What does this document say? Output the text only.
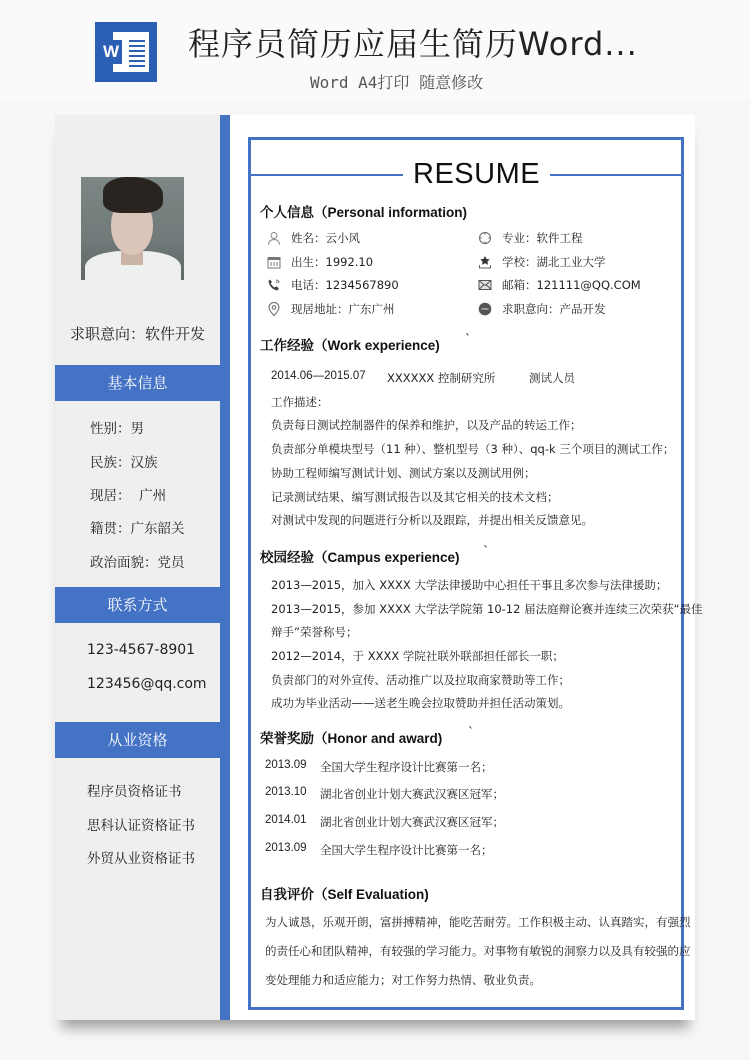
W 程序员简历应届生简历Word...
Word A4打印 随意修改
求职意向：软件开发
基本信息
性别：男
民族：汉族
现居：  广州
籍贯：广东韶关
政治面貌：党员
联系方式
123-4567-8901
123456@qq.com
从业资格
程序员资格证书
思科认证资格证书
外贸从业资格证书
RESUME
个人信息（Personal information)
姓名：云小风
出生：1992.10
电话：1234567890
现居地址：广东广州
专业：软件工程
学校：湖北工业大学
邮箱：121111@QQ.COM
求职意向：产品开发
工作经验（Work experience) `
2014.06—2015.07 XXXXXX 控制研究所	测试人员
工作描述：
负责每日测试控制器件的保养和维护，以及产品的转运工作；
负责部分单模块型号（11 种）、整机型号（3 种）、qq-k 三个项目的测试工作；
协助工程师编写测试计划、测试方案以及测试用例；
记录测试结果、编写测试报告以及其它相关的技术文档；
对测试中发现的问题进行分析以及跟踪，并提出相关反馈意见。
校园经验（Campus experience) `
2013—2015，加入 XXXX 大学法律援助中心担任干事且多次参与法律援助；
2013—2015，参加 XXXX 大学法学院第 10-12 届法庭辩论赛并连续三次荣获“最佳
辩手”荣誉称号；
2012—2014，于 XXXX 学院社联外联部担任部长一职；
负责部门的对外宣传、活动推广以及拉取商家赞助等工作；
成功为毕业活动——送老生晚会拉取赞助并担任活动策划。
荣誉奖励（Honor and award) `
2013.09 全国大学生程序设计比赛第一名；
2013.10 湖北省创业计划大赛武汉赛区冠军；
2014.01 湖北省创业计划大赛武汉赛区冠军；
2013.09 全国大学生程序设计比赛第一名；
自我评价（Self Evaluation)
为人诚恳，乐观开朗，富拼搏精神，能吃苦耐劳。工作积极主动、认真踏实，有强烈
的责任心和团队精神，有较强的学习能力。对事物有敏锐的洞察力以及具有较强的应
变处理能力和适应能力；对工作努力热情、敬业负责。
